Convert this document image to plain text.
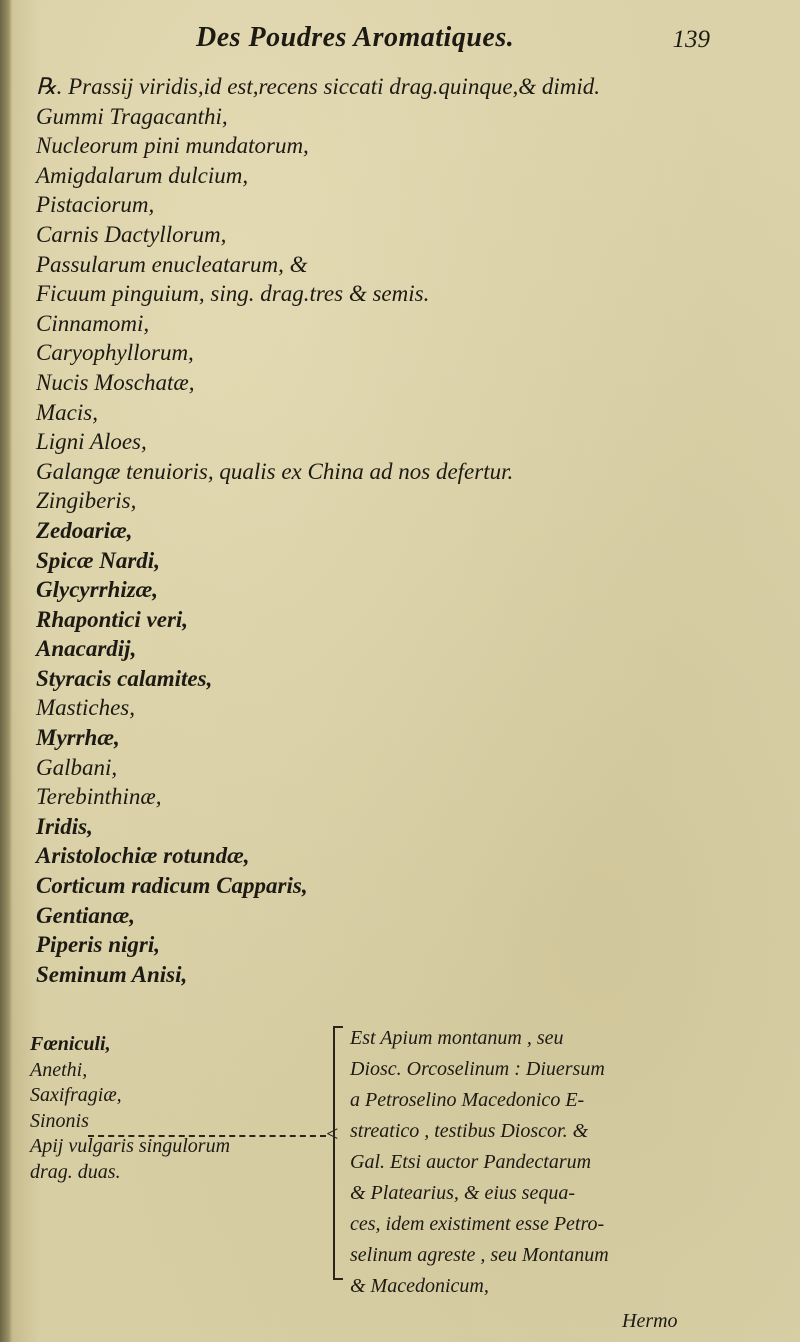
Des Poudres Aromatiques.	139
℞. Prassij viridis,id est,recens siccati drag.quinque,& dimid.
Gummi Tragacanthi,
Nucleorum pini mundatorum,
Amigdalarum dulcium,
Pistaciorum,
Carnis Dactyllorum,
Passularum enucleatarum, &
Ficuum pinguium, sing. drag.tres & semis.
Cinnamomi,
Caryophyllorum,
Nucis Moschatæ,
Macis,
Ligni Aloes,
Galangæ tenuioris, qualis ex China ad nos defertur.
Zingiberis,
Zedoariæ,
Spicæ Nardi,
Glycyrrhizæ,
Rhapontici veri,
Anacardij,
Styracis calamites,
Mastiches,
Myrrhæ,
Galbani,
Terebinthinæ,
Iridis,
Aristolochiæ rotundæ,
Corticum radicum Capparis,
Gentianæ,
Piperis nigri,
Seminum Anisi,
Fœniculi,
Anethi,
Saxifragiæ,
Sinonis
Apij vulgaris singulorum
drag. duas.
<
Est Apium montanum , seu
Diosc. Orcoselinum : Diuersum
a Petroselino Macedonico E-
streatico , testibus Dioscor. &
Gal. Etsi auctor Pandectarum
& Platearius, & eius sequa-
ces, idem existiment esse Petro-
selinum agreste , seu Montanum
& Macedonicum,
Hermo
